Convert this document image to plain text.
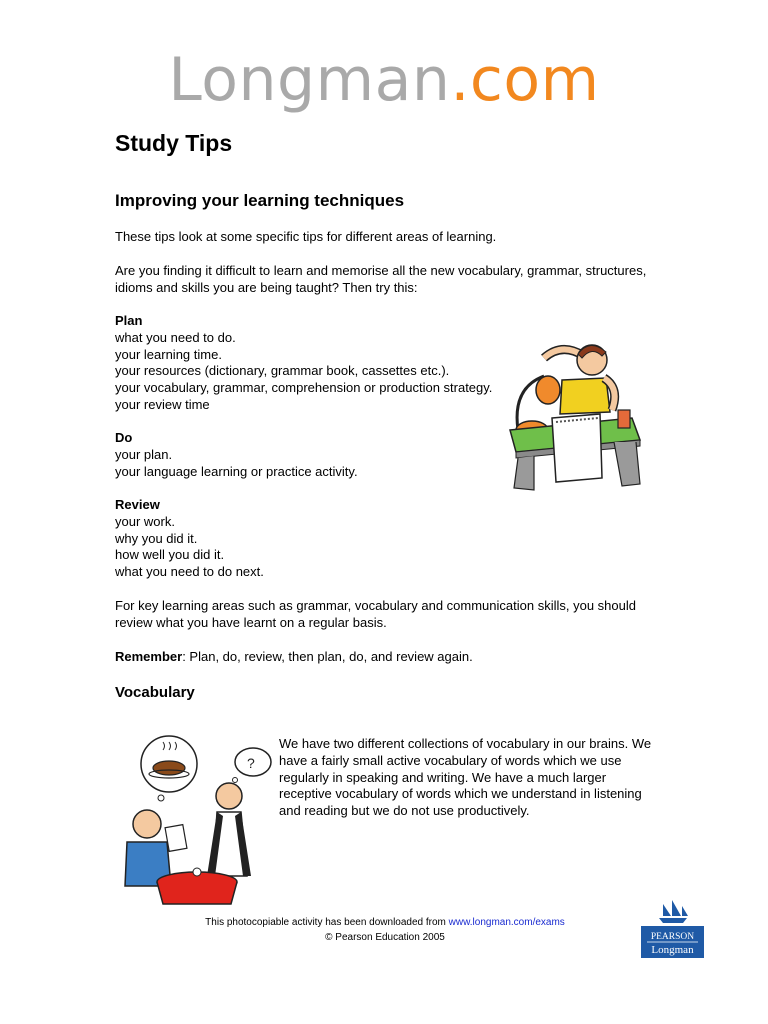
Longman.com
Study Tips
Improving your learning techniques
These tips look at some specific tips for different areas of learning.
Are you finding it difficult to learn and memorise all the new vocabulary, grammar, structures,
idioms and skills you are being taught? Then try this:
Plan
what you need to do.
your learning time.
your resources (dictionary, grammar book, cassettes etc.).
your vocabulary, grammar, comprehension or production strategy.
your review time
Do
your plan.
your language learning or practice activity.
Review
your work.
why you did it.
how well you did it.
what you need to do next.
For key learning areas such as grammar, vocabulary and communication skills, you should
review what you have learnt on a regular basis.
Remember: Plan, do, review, then plan, do, and review again.
Vocabulary
We have two different collections of vocabulary in our brains. We
have a fairly small active vocabulary of words which we use
regularly in speaking and writing. We have a much larger
receptive vocabulary of words which we understand in listening
and reading but we do not use productively.
?
This photocopiable activity has been downloaded from www.longman.com/exams
© Pearson Education 2005	PEARSON
Longman
